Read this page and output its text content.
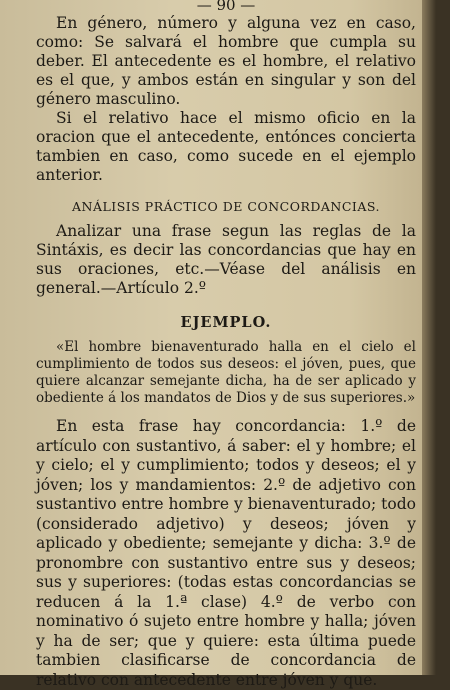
— 90 —

En género, número y alguna vez en caso, como: Se salvará el hombre que cumpla su deber. El antecedente es el hombre, el relativo es el que, y ambos están en singular y son del género masculino.

Si el relativo hace el mismo oficio en la oracion que el antecedente, entónces concierta tambien en caso, como sucede en el ejemplo anterior.

ANÁLISIS PRÁCTICO DE CONCORDANCIAS.

Analizar una frase segun las reglas de la Sintáxis, es decir las concordancias que hay en sus oraciones, etc.—Véase del análisis en general.—Artículo 2.º

EJEMPLO.

«El hombre bienaventurado halla en el cielo el cumplimiento de todos sus deseos: el jóven, pues, que quiere alcanzar semejante dicha, ha de ser aplicado y obediente á los mandatos de Dios y de sus superiores.»

En esta frase hay concordancia: 1.º de artículo con sustantivo, á saber: el y hombre; el y cielo; el y cumplimiento; todos y deseos; el y jóven; los y mandamientos: 2.º de adjetivo con sustantivo entre hombre y bienaventurado; todo (considerado adjetivo) y deseos; jóven y aplicado y obediente; semejante y dicha: 3.º de pronombre con sustantivo entre sus y deseos; sus y superiores: (todas estas concordancias se reducen á la 1.ª clase) 4.º de verbo con nominativo ó sujeto entre hombre y halla; jóven y ha de ser; que y quiere: esta última puede tambien clasificarse de concordancia de relativo con antecedente entre jóven y que.
